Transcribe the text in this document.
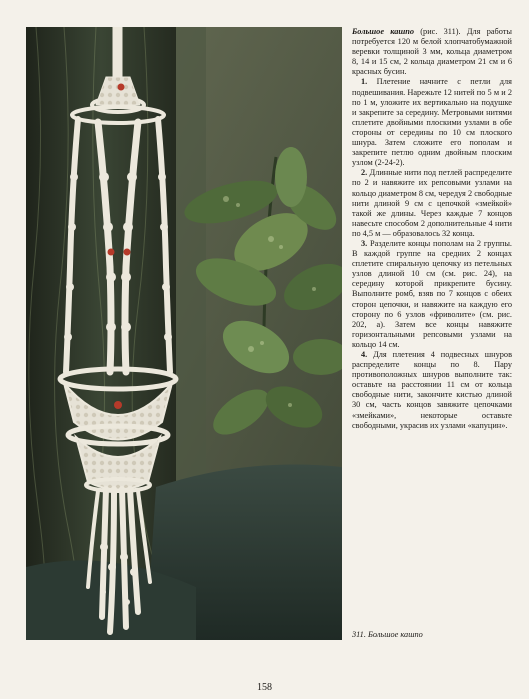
Большое кашпо (рис. 311). Для работы потребуется 120 м белой хлопчатобумажной веревки толщиной 3 мм, кольца диаметром 8, 14 и 15 см, 2 кольца диаметром 21 см и 6 красных бусин.

1. Плетение начните с петли для подвешивания. Нарежьте 12 нитей по 5 м и 2 по 1 м, уложите их вертикально на подушке и закрепите за середину. Метровыми нитями сплетите двойными плоскими узлами в обе стороны от середины по 10 см плоского шнура. Затем сложите его пополам и закрепите петлю одним двойным плоским узлом (2-24-2).

2. Длинные нити под петлей распределите по 2 и навяжите их репсовыми узлами на кольцо диаметром 8 см, чередуя 2 свободные нити длиной 9 см с цепочкой «змейкой» такой же длины. Через каждые 7 концов навесьте способом 2 дополнительные 4 нити по 4,5 м — образовалось 32 конца.

3. Разделите концы пополам на 2 группы. В каждой группе на средних 2 концах сплетите спиральную цепочку из петельных узлов длиной 10 см (см. рис. 24), на середину которой прикрепите бусину. Выполните ромб, взяв по 7 концов с обеих сторон цепочки, и навяжите на каждую его сторону по 6 узлов «фриволите» (см. рис. 202, а). Затем все концы навяжите горизонтальными репсовыми узлами на кольцо 14 см.

4. Для плетения 4 подвесных шнуров распределите концы по 8. Пару противоположных шнуров выполните так: оставьте на расстоянии 11 см от кольца свободные нити, закончите кистью длиной 30 см, часть концов завяжите цепочками «змейками», некоторые оставьте свободными, украсив их узлами «капуцин».

311. Большое кашпо
158
